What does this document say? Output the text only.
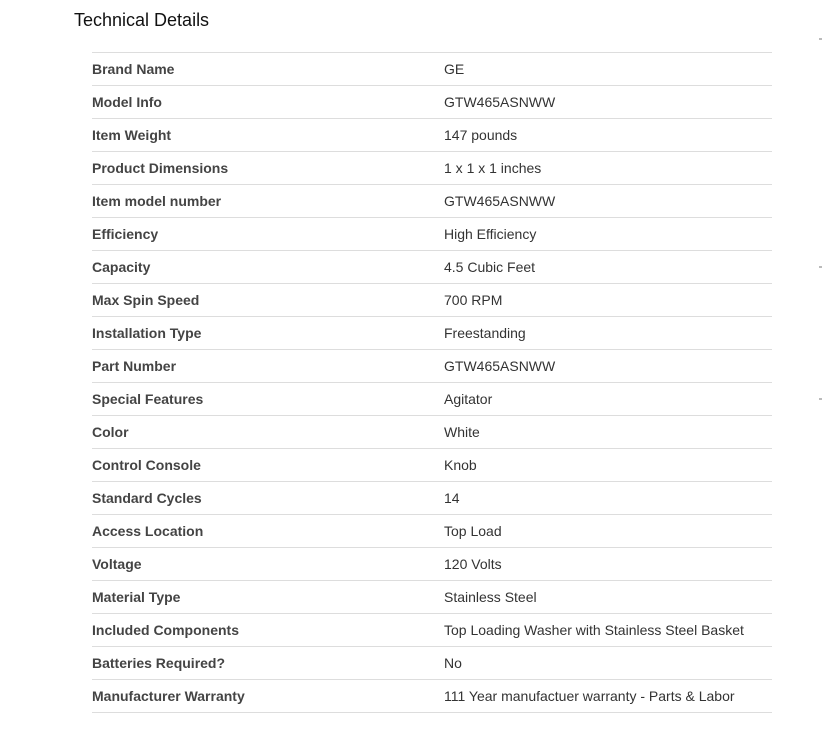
Technical Details
Brand Name	GE
Model Info	GTW465ASNWW
Item Weight	147 pounds
Product Dimensions	1 x 1 x 1 inches
Item model number	GTW465ASNWW
Efficiency	High Efficiency
Capacity	4.5 Cubic Feet
Max Spin Speed	700 RPM
Installation Type	Freestanding
Part Number	GTW465ASNWW
Special Features	Agitator
Color	White
Control Console	Knob
Standard Cycles	14
Access Location	Top Load
Voltage	120 Volts
Material Type	Stainless Steel
Included Components	Top Loading Washer with Stainless Steel Basket
Batteries Required?	No
Manufacturer Warranty	111 Year manufactuer warranty - Parts & Labor
